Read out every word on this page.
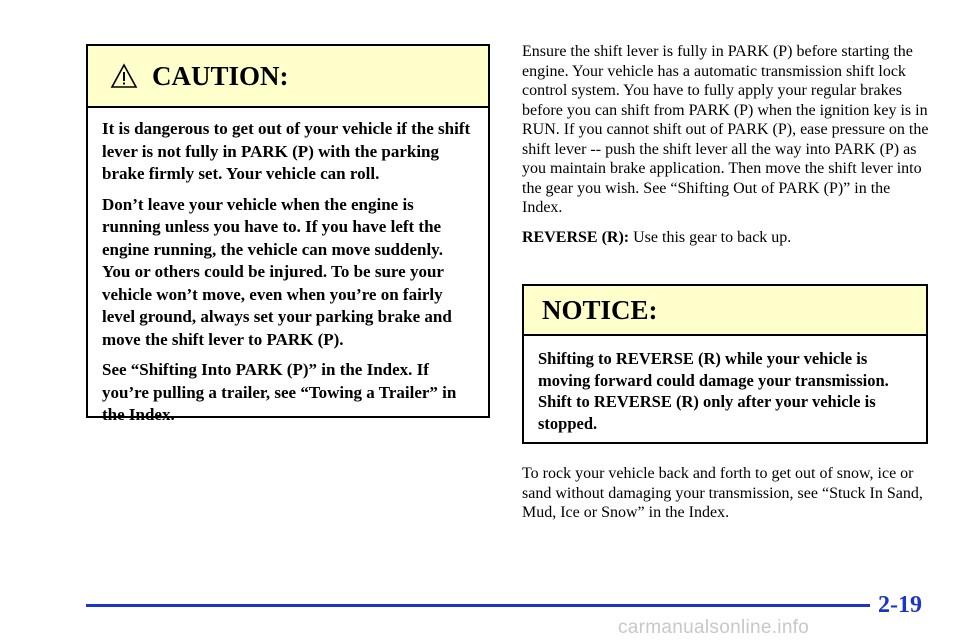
CAUTION:

It is dangerous to get out of your vehicle if the shift lever is not fully in PARK (P) with the parking brake firmly set. Your vehicle can roll.

Don’t leave your vehicle when the engine is running unless you have to. If you have left the engine running, the vehicle can move suddenly. You or others could be injured. To be sure your vehicle won’t move, even when you’re on fairly level ground, always set your parking brake and move the shift lever to PARK (P).

See “Shifting Into PARK (P)” in the Index. If you’re pulling a trailer, see “Towing a Trailer” in the Index.

Ensure the shift lever is fully in PARK (P) before starting the engine. Your vehicle has a automatic transmission shift lock control system. You have to fully apply your regular brakes before you can shift from PARK (P) when the ignition key is in RUN. If you cannot shift out of PARK (P), ease pressure on the shift lever -- push the shift lever all the way into PARK (P) as you maintain brake application. Then move the shift lever into the gear you wish. See “Shifting Out of PARK (P)” in the Index.

REVERSE (R): Use this gear to back up.

NOTICE:

Shifting to REVERSE (R) while your vehicle is moving forward could damage your transmission. Shift to REVERSE (R) only after your vehicle is stopped.

To rock your vehicle back and forth to get out of snow, ice or sand without damaging your transmission, see “Stuck In Sand, Mud, Ice or Snow” in the Index.

2-19
carmanualsonline.info
